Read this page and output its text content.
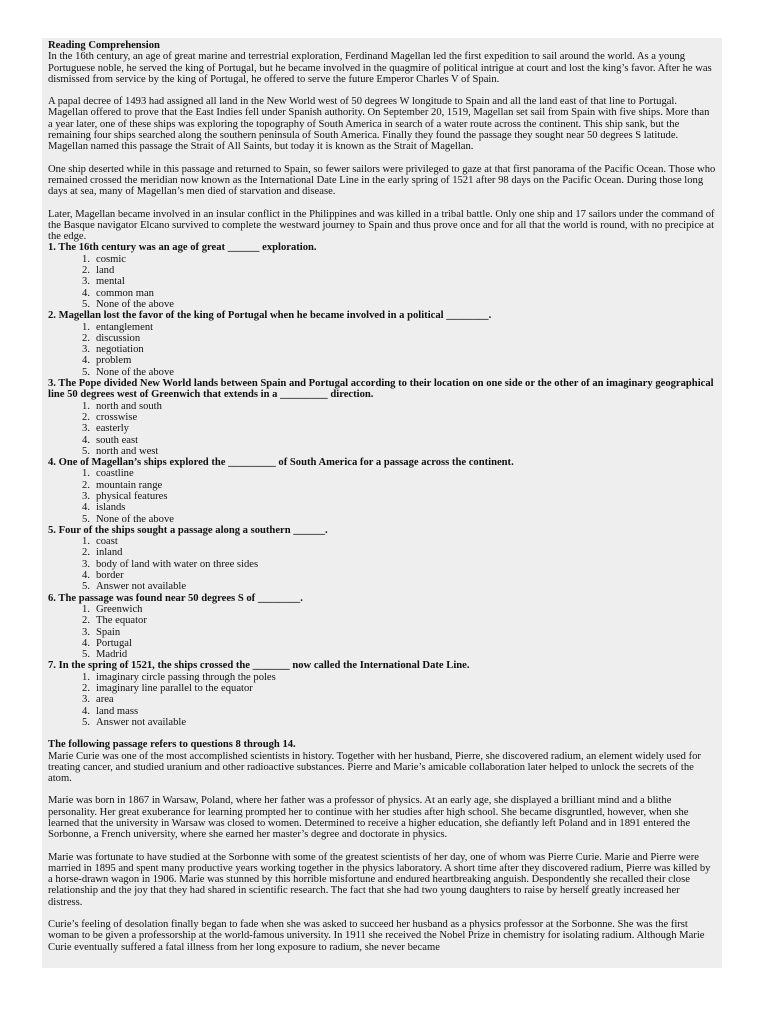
Reading Comprehension

In the 16th century, an age of great marine and terrestrial exploration, Ferdinand Magellan led the first expedition to sail around the world. As a young Portuguese noble, he served the king of Portugal, but he became involved in the quagmire of political intrigue at court and lost the king’s favor. After he was dismissed from service by the king of Portugal, he offered to serve the future Emperor Charles V of Spain.

A papal decree of 1493 had assigned all land in the New World west of 50 degrees W longitude to Spain and all the land east of that line to Portugal. Magellan offered to prove that the East Indies fell under Spanish authority. On September 20, 1519, Magellan set sail from Spain with five ships. More than a year later, one of these ships was exploring the topography of South America in search of a water route across the continent. This ship sank, but the remaining four ships searched along the southern peninsula of South America. Finally they found the passage they sought near 50 degrees S latitude. Magellan named this passage the Strait of All Saints, but today it is known as the Strait of Magellan.

One ship deserted while in this passage and returned to Spain, so fewer sailors were privileged to gaze at that first panorama of the Pacific Ocean. Those who remained crossed the meridian now known as the International Date Line in the early spring of 1521 after 98 days on the Pacific Ocean. During those long days at sea, many of Magellan’s men died of starvation and disease.

Later, Magellan became involved in an insular conflict in the Philippines and was killed in a tribal battle. Only one ship and 17 sailors under the command of the Basque navigator Elcano survived to complete the westward journey to Spain and thus prove once and for all that the world is round, with no precipice at the edge.

1. The 16th century was an age of great ______ exploration.
1. cosmic
2. land
3. mental
4. common man
5. None of the above
2. Magellan lost the favor of the king of Portugal when he became involved in a political ________.
1. entanglement
2. discussion
3. negotiation
4. problem
5. None of the above
3. The Pope divided New World lands between Spain and Portugal according to their location on one side or the other of an imaginary geographical line 50 degrees west of Greenwich that extends in a _________ direction.
1. north and south
2. crosswise
3. easterly
4. south east
5. north and west
4. One of Magellan’s ships explored the _________ of South America for a passage across the continent.
1. coastline
2. mountain range
3. physical features
4. islands
5. None of the above
5. Four of the ships sought a passage along a southern ______.
1. coast
2. inland
3. body of land with water on three sides
4. border
5. Answer not available
6. The passage was found near 50 degrees S of ________.
1. Greenwich
2. The equator
3. Spain
4. Portugal
5. Madrid
7. In the spring of 1521, the ships crossed the _______ now called the International Date Line.
1. imaginary circle passing through the poles
2. imaginary line parallel to the equator
3. area
4. land mass
5. Answer not available
The following passage refers to questions 8 through 14.

Marie Curie was one of the most accomplished scientists in history. Together with her husband, Pierre, she discovered radium, an element widely used for treating cancer, and studied uranium and other radioactive substances. Pierre and Marie’s amicable collaboration later helped to unlock the secrets of the atom.

Marie was born in 1867 in Warsaw, Poland, where her father was a professor of physics. At an early age, she displayed a brilliant mind and a blithe personality. Her great exuberance for learning prompted her to continue with her studies after high school. She became disgruntled, however, when she learned that the university in Warsaw was closed to women. Determined to receive a higher education, she defiantly left Poland and in 1891 entered the Sorbonne, a French university, where she earned her master’s degree and doctorate in physics.

Marie was fortunate to have studied at the Sorbonne with some of the greatest scientists of her day, one of whom was Pierre Curie. Marie and Pierre were married in 1895 and spent many productive years working together in the physics laboratory. A short time after they discovered radium, Pierre was killed by a horse-drawn wagon in 1906. Marie was stunned by this horrible misfortune and endured heartbreaking anguish. Despondently she recalled their close relationship and the joy that they had shared in scientific research. The fact that she had two young daughters to raise by herself greatly increased her distress.

Curie’s feeling of desolation finally began to fade when she was asked to succeed her husband as a physics professor at the Sorbonne. She was the first woman to be given a professorship at the world-famous university. In 1911 she received the Nobel Prize in chemistry for isolating radium. Although Marie Curie eventually suffered a fatal illness from her long exposure to radium, she never became
